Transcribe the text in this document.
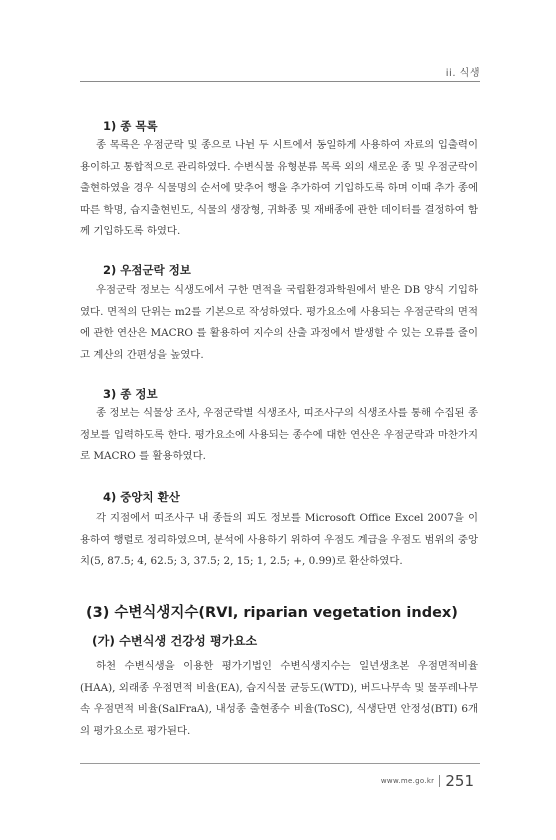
ii. 식생
1) 종 목록

종 목록은 우점군락 및 종으로 나뉜 두 시트에서 동일하게 사용하여 자료의 입출력이 용이하고 통합적으로 관리하였다. 수변식물 유형분류 목록 외의 새로운 종 및 우점군락이 출현하였을 경우 식물명의 순서에 맞추어 행을 추가하여 기입하도록 하며 이때 추가 종에 따른 학명, 습지출현빈도, 식물의 생장형, 귀화종 및 재배종에 관한 데이터를 결정하여 함께 기입하도록 하였다.

2) 우점군락 정보

우점군락 정보는 식생도에서 구한 면적을 국립환경과학원에서 받은 DB 양식 기입하였다. 면적의 단위는 m2를 기본으로 작성하였다. 평가요소에 사용되는 우점군락의 면적에 관한 연산은 MACRO 를 활용하여 지수의 산출 과정에서 발생할 수 있는 오류를 줄이고 계산의 간편성을 높였다.

3) 종 정보

종 정보는 식물상 조사, 우점군락별 식생조사, 띠조사구의 식생조사를 통해 수집된 종 정보를 입력하도록 한다. 평가요소에 사용되는 종수에 대한 연산은 우점군락과 마찬가지로 MACRO 를 활용하였다.

4) 중앙치 환산

각 지점에서 띠조사구 내 종들의 피도 정보를 Microsoft Office Excel 2007을 이용하여 행렬로 정리하였으며, 분석에 사용하기 위하여 우점도 계급을 우점도 범위의 중앙치(5, 87.5; 4, 62.5; 3, 37.5; 2, 15; 1, 2.5; +, 0.99)로 환산하였다.

(3) 수변식생지수(RVI, riparian vegetation index)
(가) 수변식생 건강성 평가요소

하천 수변식생을 이용한 평가기법인 수변식생지수는 일년생초본 우점면적비율(HAA), 외래종 우점면적 비율(EA), 습지식물 균등도(WTD), 버드나무속 및 물푸레나무속 우점면적 비율(SalFraA), 내성종 출현종수 비율(ToSC), 식생단면 안정성(BTI) 6개의 평가요소로 평가된다.

www.me.go.kr 251
